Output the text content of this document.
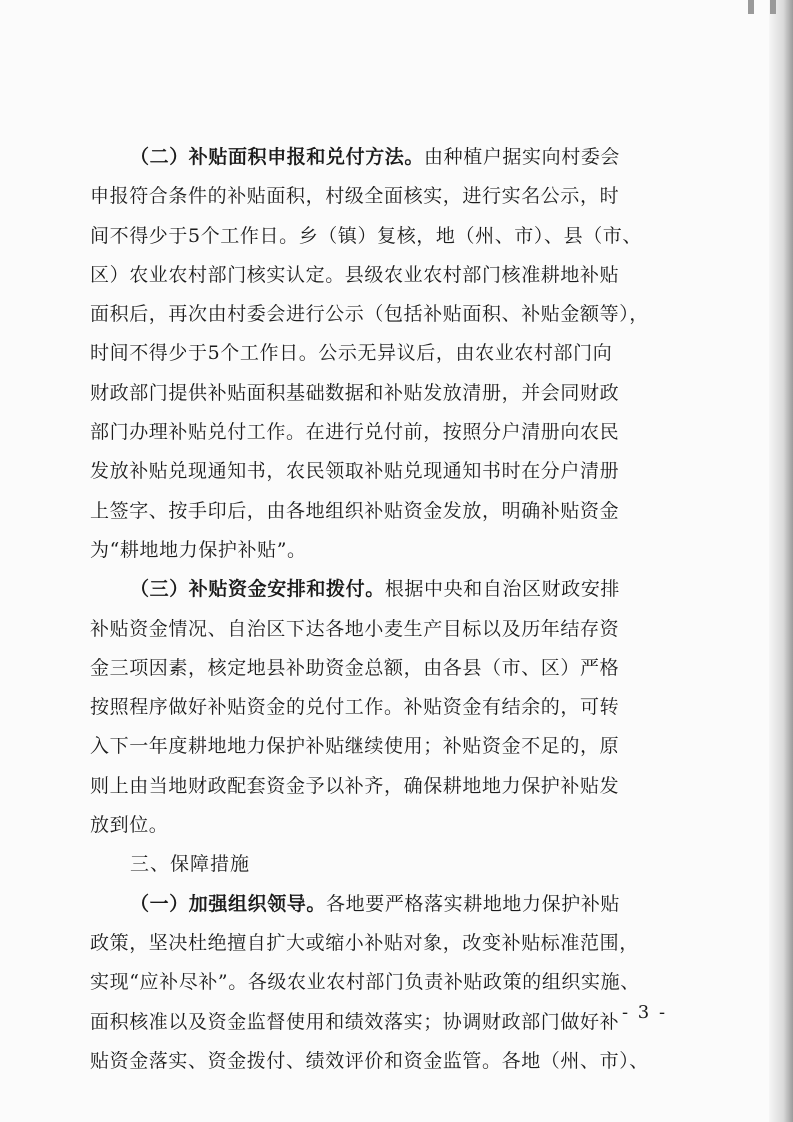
（二）补贴面积申报和兑付方法。由种植户据实向村委会
申报符合条件的补贴面积，村级全面核实，进行实名公示，时
间不得少于5个工作日。乡（镇）复核，地（州、市）、县（市、
区）农业农村部门核实认定。县级农业农村部门核准耕地补贴
面积后，再次由村委会进行公示（包括补贴面积、补贴金额等），
时间不得少于5个工作日。公示无异议后，由农业农村部门向
财政部门提供补贴面积基础数据和补贴发放清册，并会同财政
部门办理补贴兑付工作。在进行兑付前，按照分户清册向农民
发放补贴兑现通知书，农民领取补贴兑现通知书时在分户清册
上签字、按手印后，由各地组织补贴资金发放，明确补贴资金
为“耕地地力保护补贴”。

（三）补贴资金安排和拨付。根据中央和自治区财政安排
补贴资金情况、自治区下达各地小麦生产目标以及历年结存资
金三项因素，核定地县补助资金总额，由各县（市、区）严格
按照程序做好补贴资金的兑付工作。补贴资金有结余的，可转
入下一年度耕地地力保护补贴继续使用；补贴资金不足的，原
则上由当地财政配套资金予以补齐，确保耕地地力保护补贴发
放到位。

三、保障措施

（一）加强组织领导。各地要严格落实耕地地力保护补贴
政策，坚决杜绝擅自扩大或缩小补贴对象，改变补贴标准范围，
实现“应补尽补”。各级农业农村部门负责补贴政策的组织实施、
面积核准以及资金监督使用和绩效落实；协调财政部门做好补
贴资金落实、资金拨付、绩效评价和资金监管。各地（州、市）、

- 3 -
